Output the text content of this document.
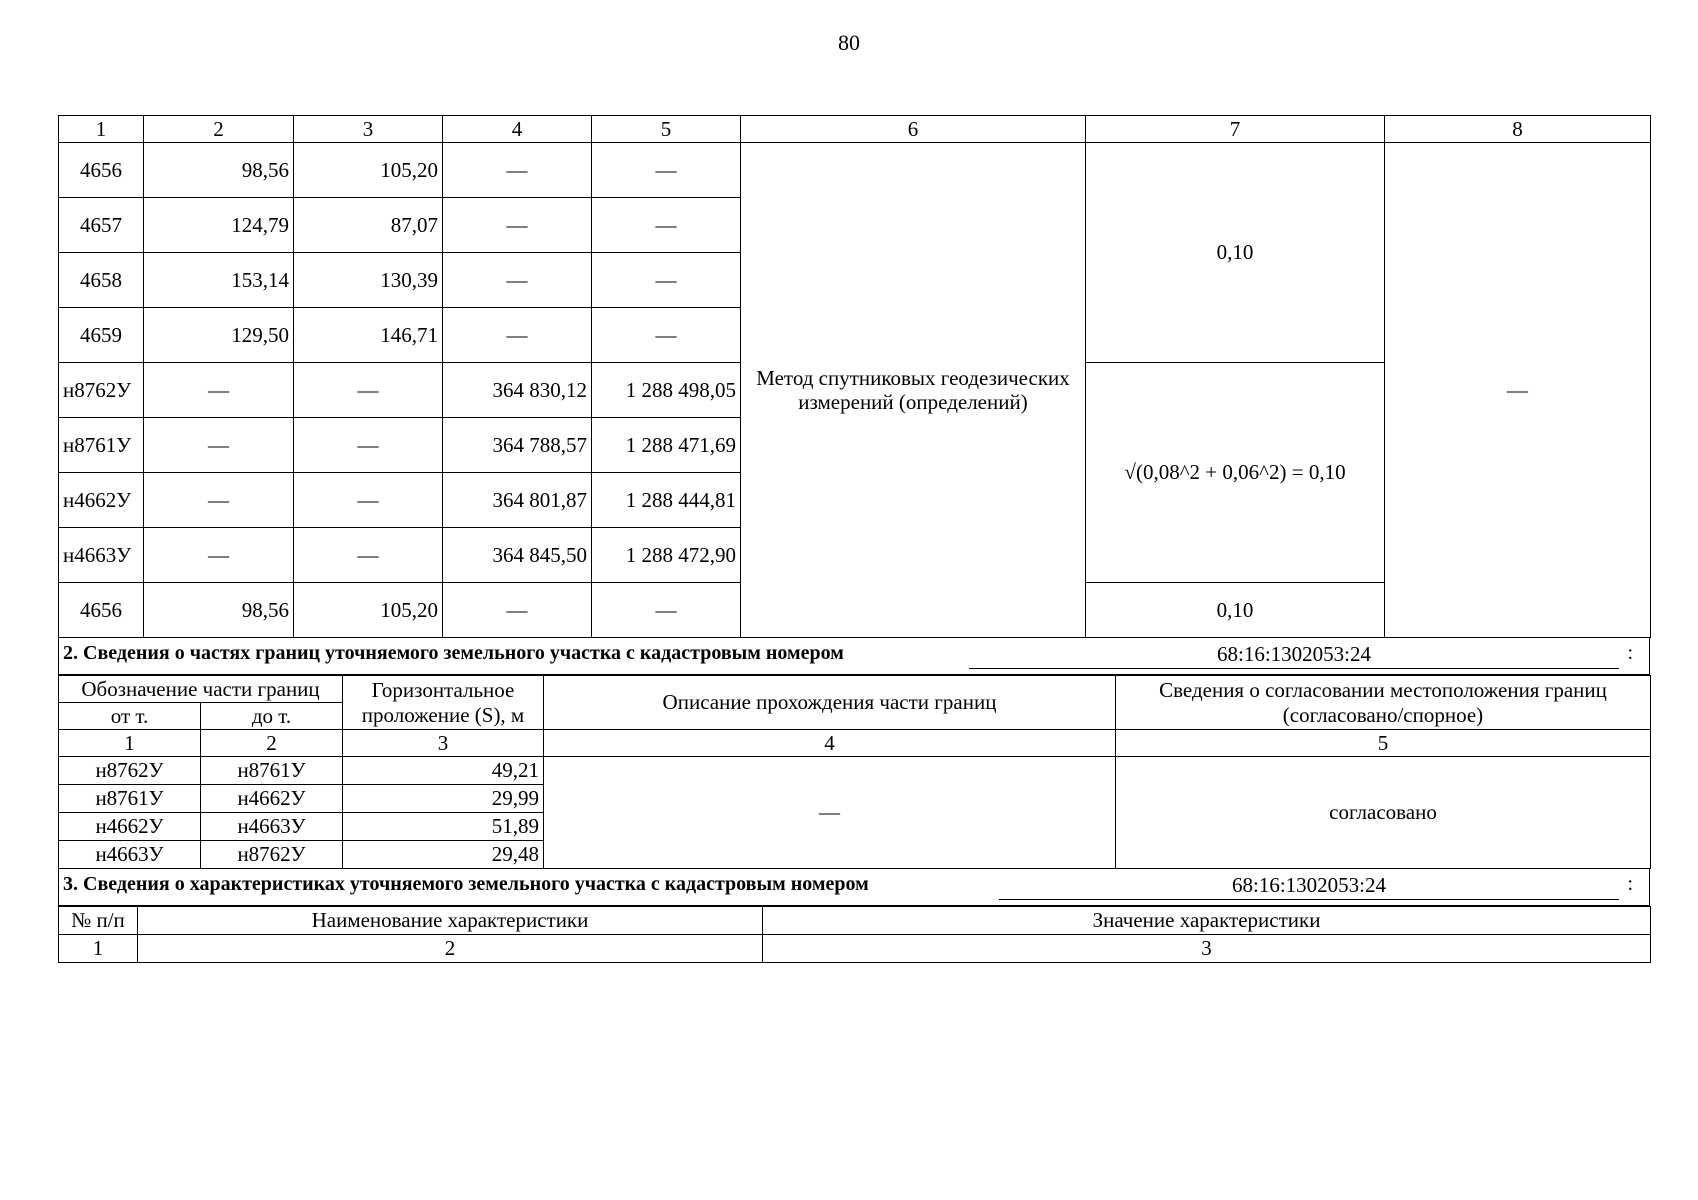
80
1	2	3	4	5	6	7	8
4656	98,56	105,20	—	—	Метод спутниковых геодезических измерений (определений)	0,10	—
4657	124,79	87,07	—	—			
4658	153,14	130,39	—	—			
4659	129,50	146,71	—	—			
н8762У	—	—	364 830,12	1 288 498,05		√(0,08^2 + 0,06^2) = 0,10	
н8761У	—	—	364 788,57	1 288 471,69			
н4662У	—	—	364 801,87	1 288 444,81			
н4663У	—	—	364 845,50	1 288 472,90			
4656	98,56	105,20	—	—		0,10	
2. Сведения о частях границ уточняемого земельного участка с кадастровым номером	68:16:1302053:24	:
Обозначение части границ		Горизонтальное проложение (S), м	Описание прохождения части границ	Сведения о согласовании местоположения границ (согласовано/спорное)
от т.	до т.			
1	2	3	4	5
н8762У	н8761У	49,21	—	согласовано
н8761У	н4662У	29,99		
н4662У	н4663У	51,89		
н4663У	н8762У	29,48		
3. Сведения о характеристиках уточняемого земельного участка с кадастровым номером	68:16:1302053:24	:
№ п/п	Наименование характеристики	Значение характеристики
1	2	3
